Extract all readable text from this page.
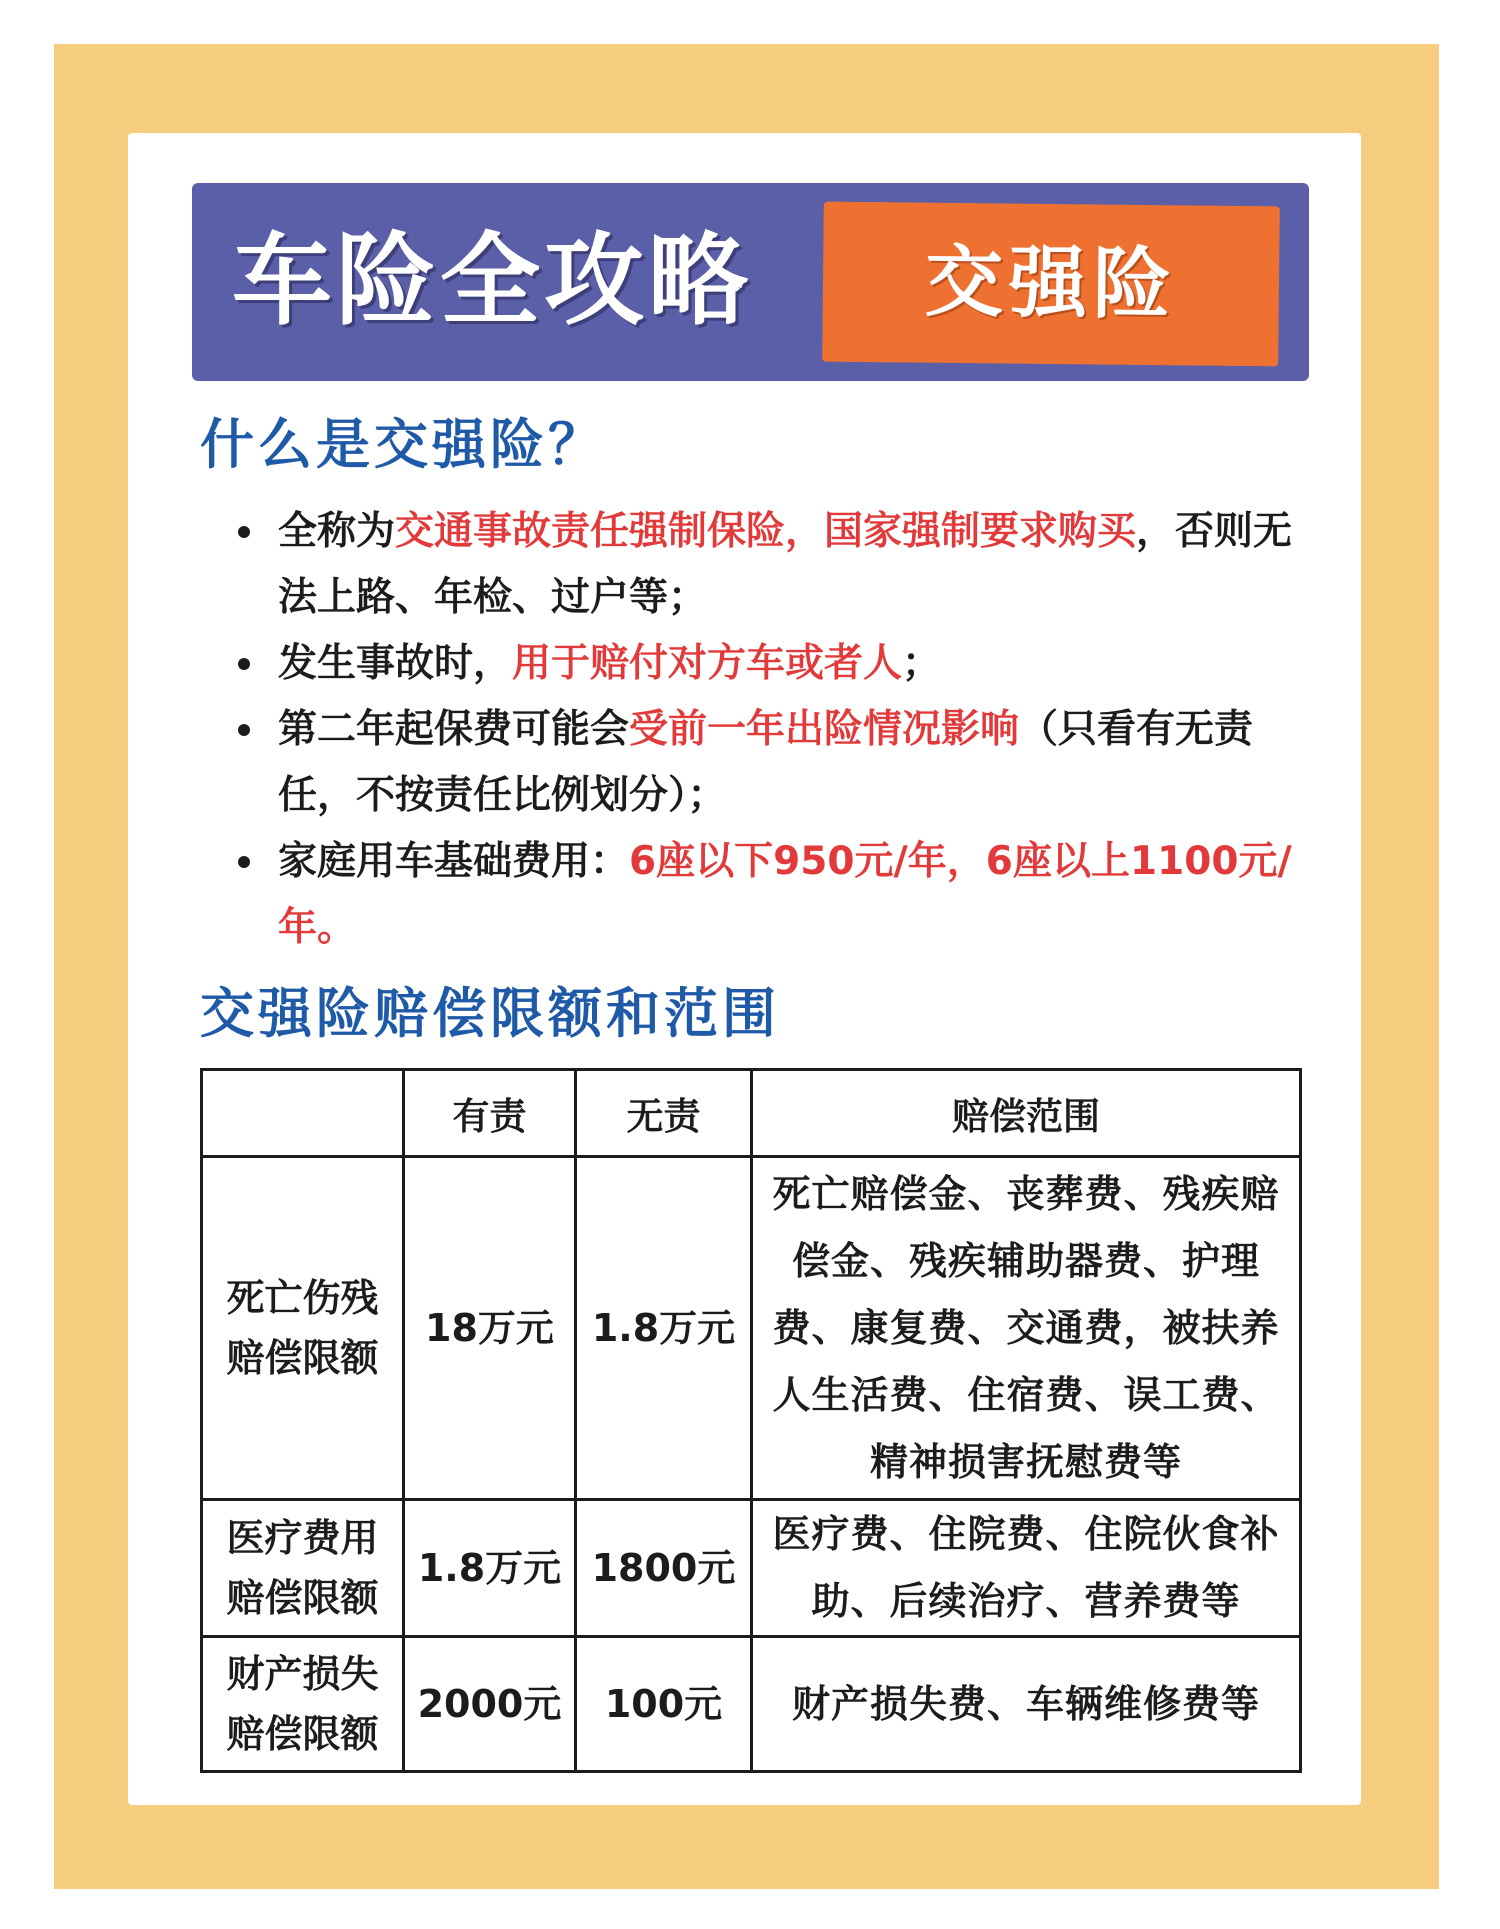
车险全攻略	交强险
什么是交强险？
全称为交通事故责任强制保险，国家强制要求购买，否则无法上路、年检、过户等；
发生事故时，用于赔付对方车或者人；
第二年起保费可能会受前一年出险情况影响（只看有无责任，不按责任比例划分）；
家庭用车基础费用：6座以下950元/年，6座以上1100元/年。
交强险赔偿限额和范围
	有责	无责	赔偿范围
死亡伤残赔偿限额	18万元	1.8万元	死亡赔偿金、丧葬费、残疾赔偿金、残疾辅助器费、护理费、康复费、交通费，被扶养人生活费、住宿费、误工费、精神损害抚慰费等
医疗费用赔偿限额	1.8万元	1800元	医疗费、住院费、住院伙食补助、后续治疗、营养费等
财产损失赔偿限额	2000元	100元	财产损失费、车辆维修费等
